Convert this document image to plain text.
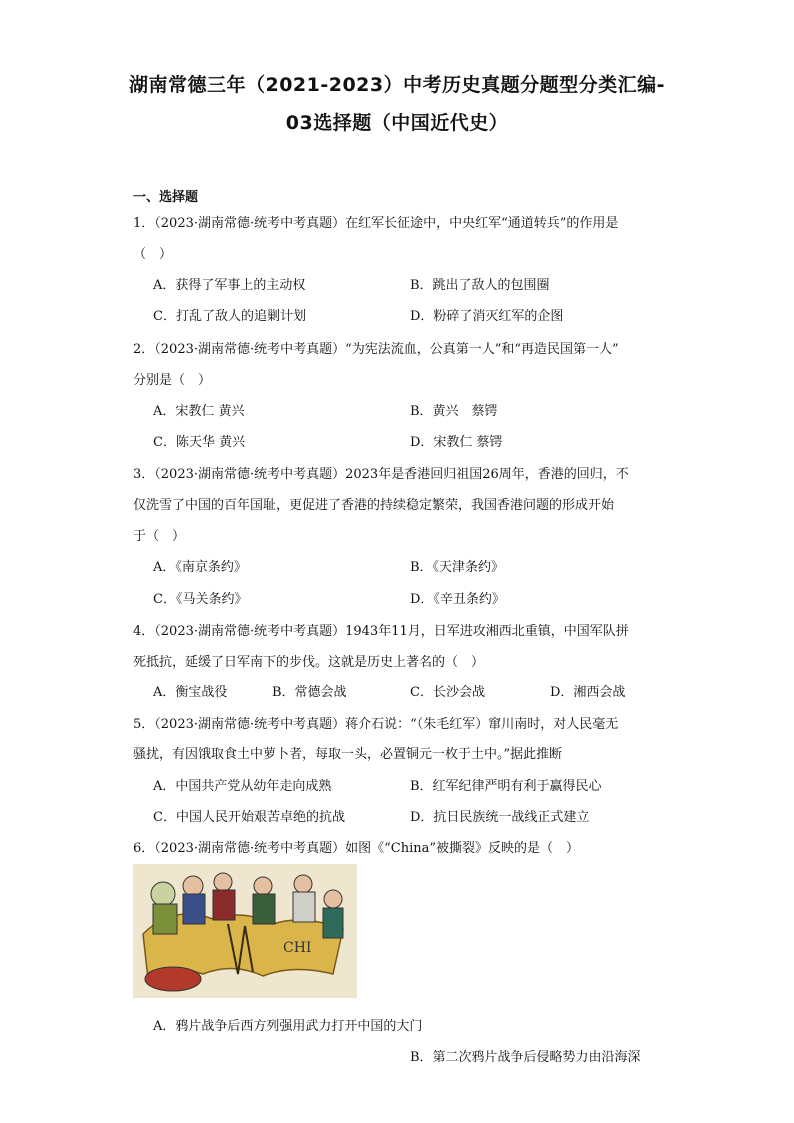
湖南常德三年（2021-2023）中考历史真题分题型分类汇编-
03选择题（中国近代史）
一、选择题
1．（2023·湖南常德·统考中考真题）在红军长征途中，中央红军“通道转兵”的作用是
（　）
A．获得了军事上的主动权	B．跳出了敌人的包围圈
C．打乱了敌人的追剿计划	D．粉碎了消灭红军的企图
2．（2023·湖南常德·统考中考真题）“为宪法流血，公真第一人”和“再造民国第一人”
分别是（　）
A．宋教仁 黄兴	B．黄兴　蔡锷
C．陈天华 黄兴	D．宋教仁 蔡锷
3．（2023·湖南常德·统考中考真题）2023年是香港回归祖国26周年，香港的回归，不
仅洗雪了中国的百年国耻，更促进了香港的持续稳定繁荣，我国香港问题的形成开始
于（　）
A．《南京条约》	B．《天津条约》
C．《马关条约》	D．《辛丑条约》
4．（2023·湖南常德·统考中考真题）1943年11月，日军进攻湘西北重镇，中国军队拼
死抵抗，延缓了日军南下的步伐。这就是历史上著名的（　）
A．衡宝战役	B．常德会战	C．长沙会战	D．湘西会战
5．（2023·湖南常德·统考中考真题）蒋介石说：“（朱毛红军）窜川南时，对人民毫无
骚扰，有因饿取食土中萝卜者，每取一头，必置铜元一枚于土中。”据此推断
A．中国共产党从幼年走向成熟	B．红军纪律严明有利于赢得民心
C．中国人民开始艰苦卓绝的抗战	D．抗日民族统一战线正式建立
6．（2023·湖南常德·统考中考真题）如图《“China”被撕裂》反映的是（　）
CHI
A．鸦片战争后西方列强用武力打开中国的大门
B．第二次鸦片战争后侵略势力由沿海深
